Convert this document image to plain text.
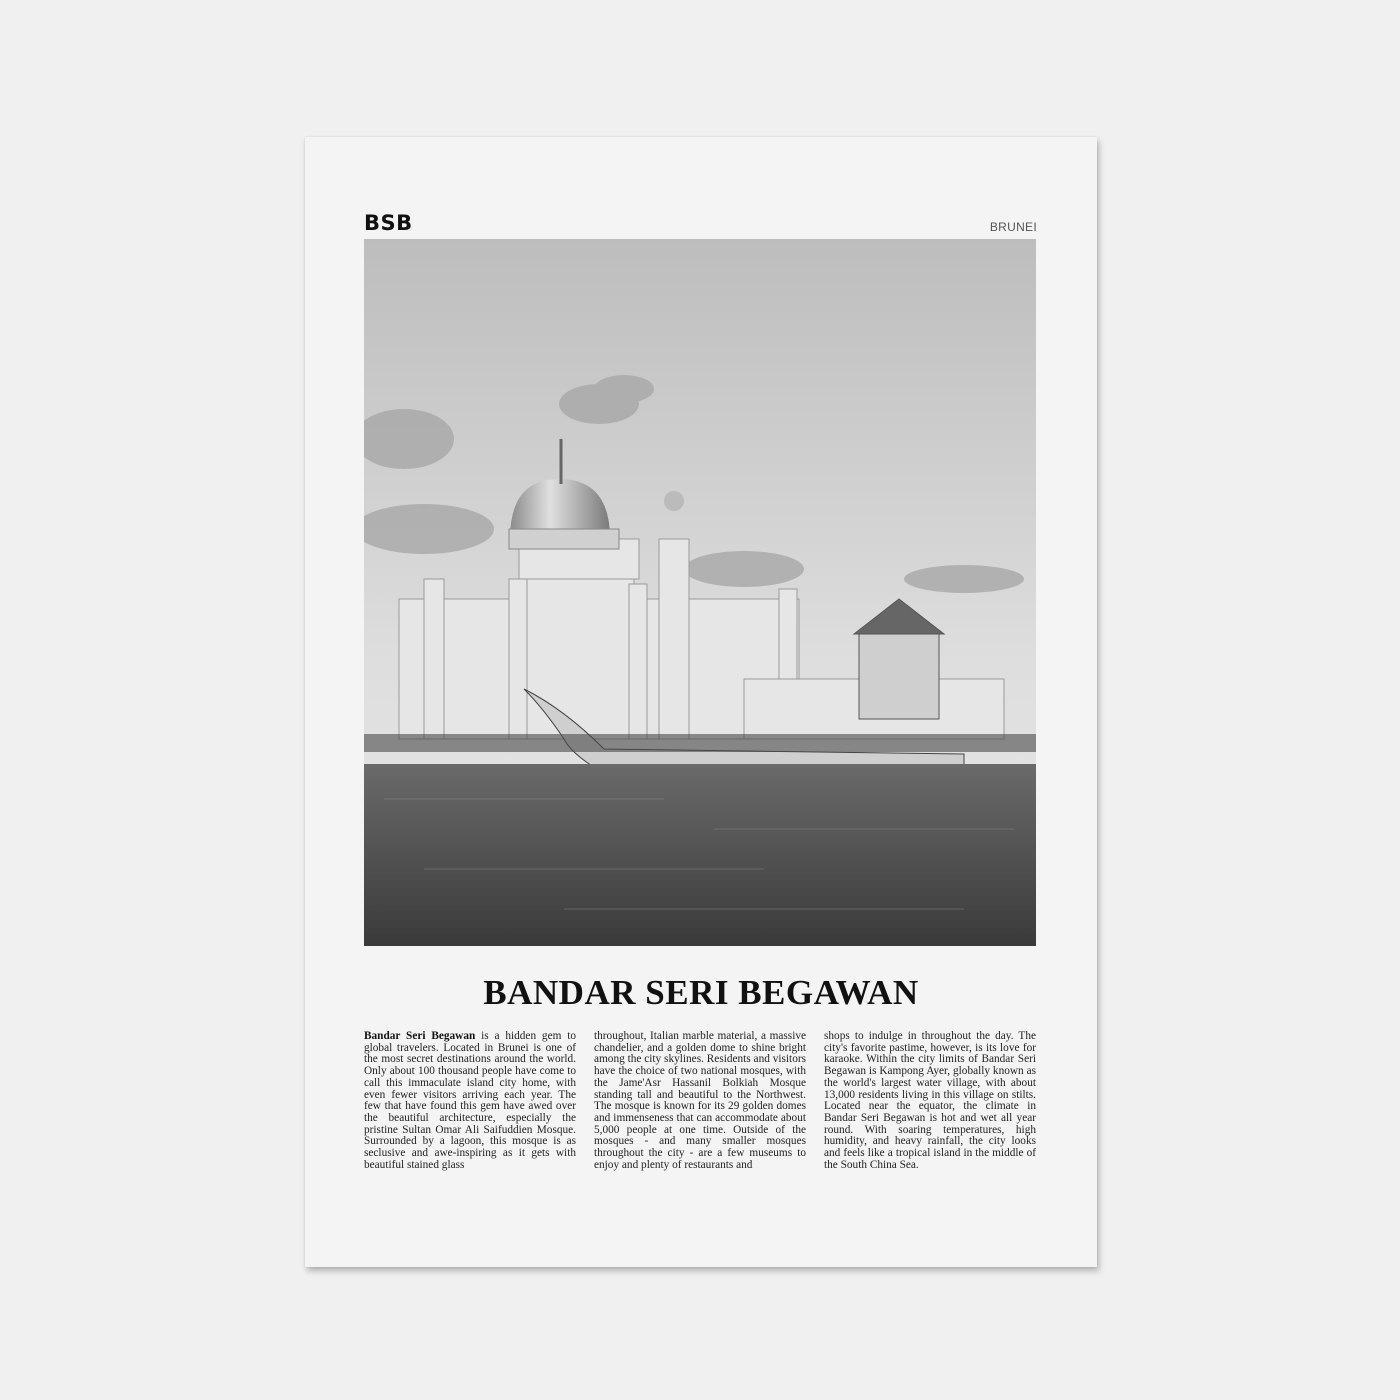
BSB	BRUNEI
BANDAR SERI BEGAWAN
Bandar Seri Begawan is a hidden gem to global travelers. Located in Brunei is one of the most secret destinations around the world. Only about 100 thousand people have come to call this immaculate island city home, with even fewer visitors arriving each year. The few that have found this gem have awed over the beautiful architecture, especially the pristine Sultan Omar Ali Saifuddien Mosque. Surrounded by a lagoon, this mosque is as seclusive and awe-inspiring as it gets with beautiful stained glass
throughout, Italian marble material, a massive chandelier, and a golden dome to shine bright among the city skylines. Residents and visitors have the choice of two national mosques, with the Jame'Asr Hassanil Bolkiah Mosque standing tall and beautiful to the Northwest. The mosque is known for its 29 golden domes and immenseness that can accommodate about 5,000 people at one time. Outside of the mosques - and many smaller mosques throughout the city - are a few museums to enjoy and plenty of restaurants and
shops to indulge in throughout the day. The city's favorite pastime, however, is its love for karaoke. Within the city limits of Bandar Seri Begawan is Kampong Ayer, globally known as the world's largest water village, with about 13,000 residents living in this village on stilts. Located near the equator, the climate in Bandar Seri Begawan is hot and wet all year round. With soaring temperatures, high humidity, and heavy rainfall, the city looks and feels like a tropical island in the middle of the South China Sea.
